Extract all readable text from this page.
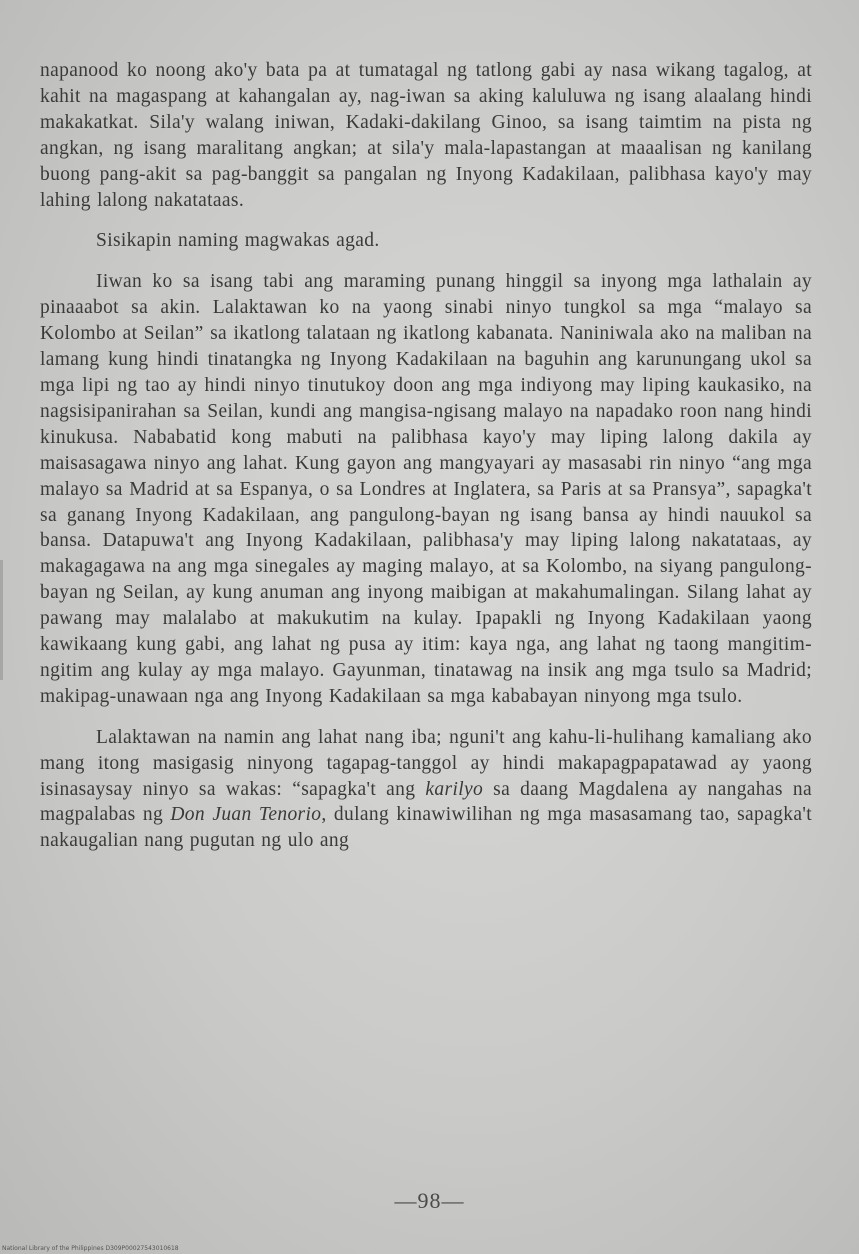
napanood ko noong ako'y bata pa at tumatagal ng tatlong gabi ay nasa wikang tagalog, at kahit na magaspang at kahangalan ay, nag-iwan sa aking kaluluwa ng isang alaalang hindi makakatkat. Sila'y walang iniwan, Kadaki-dakilang Ginoo, sa isang taimtim na pista ng angkan, ng isang maralitang angkan; at sila'y mala-lapastangan at maaalisan ng kanilang buong pang-akit sa pag-banggit sa pangalan ng Inyong Kadakilaan, palibhasa kayo'y may lahing lalong nakatataas.

Sisikapin naming magwakas agad.

Iiwan ko sa isang tabi ang maraming punang hinggil sa inyong mga lathalain ay pinaaabot sa akin. Lalaktawan ko na yaong sinabi ninyo tungkol sa mga “malayo sa Kolombo at Seilan” sa ikatlong talataan ng ikatlong kabanata. Naniniwala ako na maliban na lamang kung hindi tinatangka ng Inyong Kadakilaan na baguhin ang karunungang ukol sa mga lipi ng tao ay hindi ninyo tinutukoy doon ang mga indiyong may liping kaukasiko, na nagsisipanirahan sa Seilan, kundi ang mangisa-ngisang malayo na napadako roon nang hindi kinukusa. Nababatid kong mabuti na palibhasa kayo'y may liping lalong dakila ay maisasagawa ninyo ang lahat. Kung gayon ang mangyayari ay masasabi rin ninyo “ang mga malayo sa Madrid at sa Espanya, o sa Londres at Inglatera, sa Paris at sa Pransya”, sapagka't sa ganang Inyong Kadakilaan, ang pangulong-bayan ng isang bansa ay hindi nauukol sa bansa. Datapuwa't ang Inyong Kadakilaan, palibhasa'y may liping lalong nakatataas, ay makagagawa na ang mga sinegales ay maging malayo, at sa Kolombo, na siyang pangulong-bayan ng Seilan, ay kung anuman ang inyong maibigan at makahumalingan. Silang lahat ay pawang may malalabo at makukutim na kulay. Ipapakli ng Inyong Kadakilaan yaong kawikaang kung gabi, ang lahat ng pusa ay itim: kaya nga, ang lahat ng taong mangitim-ngitim ang kulay ay mga malayo. Gayunman, tinatawag na insik ang mga tsulo sa Madrid; makipag-unawaan nga ang Inyong Kadakilaan sa mga kababayan ninyong mga tsulo.

Lalaktawan na namin ang lahat nang iba; nguni't ang kahu-li-hulihang kamaliang ako mang itong masigasig ninyong tagapag-tanggol ay hindi makapagpapatawad ay yaong isinasaysay ninyo sa wakas: “sapagka't ang karilyo sa daang Magdalena ay nangahas na magpalabas ng Don Juan Tenorio, dulang kinawiwilihan ng mga masasamang tao, sapagka't nakaugalian nang pugutan ng ulo ang

—98—
National Library of the Philippines D309P00027543010618
